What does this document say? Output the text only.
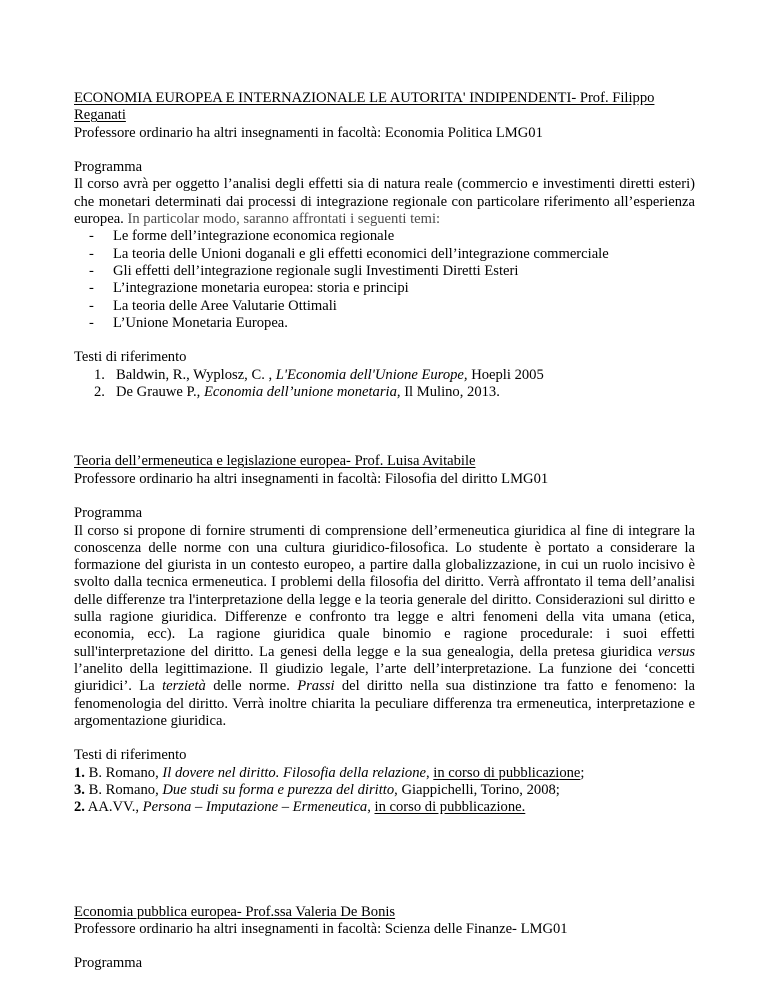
ECONOMIA EUROPEA E INTERNAZIONALE LE AUTORITA' INDIPENDENTI- Prof. Filippo Reganati

Professore ordinario ha altri insegnamenti in facoltà: Economia Politica LMG01

Programma

Il corso avrà per oggetto l’analisi degli effetti sia di natura reale (commercio e investimenti diretti esteri) che monetari determinati dai processi di integrazione regionale con particolare riferimento all’esperienza europea. In particolar modo, saranno affrontati i seguenti temi:

- Le forme dell’integrazione economica regionale
- La teoria delle Unioni doganali e gli effetti economici dell’integrazione commerciale
- Gli effetti dell’integrazione regionale sugli Investimenti Diretti Esteri
- L’integrazione monetaria europea: storia e principi
- La teoria delle Aree Valutarie Ottimali
- L’Unione Monetaria Europea.

Testi di riferimento

1. Baldwin, R., Wyplosz, C. , L'Economia dell'Unione Europe, Hoepli 2005
2. De Grauwe P., Economia dell’unione monetaria, Il Mulino, 2013.

Teoria dell’ermeneutica e legislazione europea- Prof. Luisa Avitabile

Professore ordinario ha altri insegnamenti in facoltà: Filosofia del diritto LMG01

Programma

Il corso si propone di fornire strumenti di comprensione dell’ermeneutica giuridica al fine di integrare la conoscenza delle norme con una cultura giuridico-filosofica. Lo studente è portato a considerare la formazione del giurista in un contesto europeo, a partire dalla globalizzazione, in cui un ruolo incisivo è svolto dalla tecnica ermeneutica. I problemi della filosofia del diritto. Verrà affrontato il tema dell’analisi delle differenze tra l'interpretazione della legge e la teoria generale del diritto. Considerazioni sul diritto e sulla ragione giuridica. Differenze e confronto tra legge e altri fenomeni della vita umana (etica, economia, ecc). La ragione giuridica quale binomio e ragione procedurale: i suoi effetti sull'interpretazione del diritto. La genesi della legge e la sua genealogia, della pretesa giuridica versus l’anelito della legittimazione. Il giudizio legale, l’arte dell’interpretazione. La funzione dei ‘concetti giuridici’. La terzietà delle norme. Prassi del diritto nella sua distinzione tra fatto e fenomeno: la fenomenologia del diritto. Verrà inoltre chiarita la peculiare differenza tra ermeneutica, interpretazione e argomentazione giuridica.

Testi di riferimento

1. B. Romano, Il dovere nel diritto. Filosofia della relazione, in corso di pubblicazione;

3. B. Romano, Due studi su forma e purezza del diritto, Giappichelli, Torino, 2008;

2. AA.VV., Persona – Imputazione – Ermeneutica, in corso di pubblicazione.

Economia pubblica europea- Prof.ssa Valeria De Bonis

Professore ordinario ha altri insegnamenti in facoltà: Scienza delle Finanze- LMG01

Programma
